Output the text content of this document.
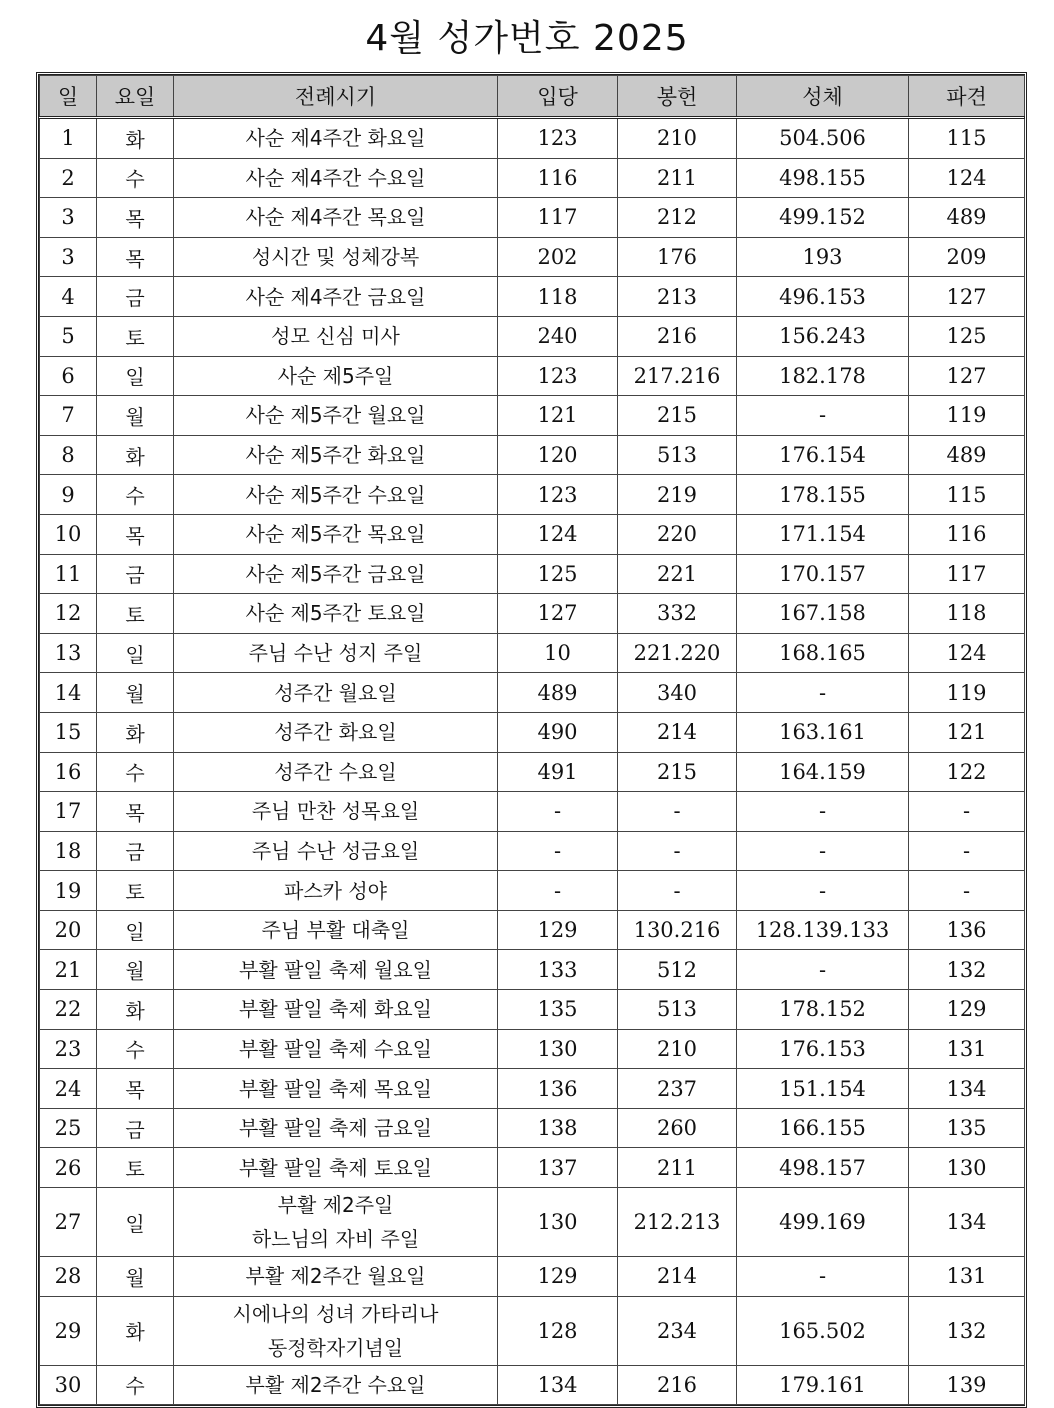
4월 성가번호 2025
일	요일	전례시기	입당	봉헌	성체	파견
1	화	사순 제4주간 화요일	123	210	504.506	115
2	수	사순 제4주간 수요일	116	211	498.155	124
3	목	사순 제4주간 목요일	117	212	499.152	489
3	목	성시간 및 성체강복	202	176	193	209
4	금	사순 제4주간 금요일	118	213	496.153	127
5	토	성모 신심 미사	240	216	156.243	125
6	일	사순 제5주일	123	217.216	182.178	127
7	월	사순 제5주간 월요일	121	215	-	119
8	화	사순 제5주간 화요일	120	513	176.154	489
9	수	사순 제5주간 수요일	123	219	178.155	115
10	목	사순 제5주간 목요일	124	220	171.154	116
11	금	사순 제5주간 금요일	125	221	170.157	117
12	토	사순 제5주간 토요일	127	332	167.158	118
13	일	주님 수난 성지 주일	10	221.220	168.165	124
14	월	성주간 월요일	489	340	-	119
15	화	성주간 화요일	490	214	163.161	121
16	수	성주간 수요일	491	215	164.159	122
17	목	주님 만찬 성목요일	-	-	-	-
18	금	주님 수난 성금요일	-	-	-	-
19	토	파스카 성야	-	-	-	-
20	일	주님 부활 대축일	129	130.216	128.139.133	136
21	월	부활 팔일 축제 월요일	133	512	-	132
22	화	부활 팔일 축제 화요일	135	513	178.152	129
23	수	부활 팔일 축제 수요일	130	210	176.153	131
24	목	부활 팔일 축제 목요일	136	237	151.154	134
25	금	부활 팔일 축제 금요일	138	260	166.155	135
26	토	부활 팔일 축제 토요일	137	211	498.157	130
27	일	부활 제2주일
하느님의 자비 주일	130	212.213	499.169	134
28	월	부활 제2주간 월요일	129	214	-	131
29	화	시에나의 성녀 가타리나
동정학자기념일	128	234	165.502	132
30	수	부활 제2주간 수요일	134	216	179.161	139
